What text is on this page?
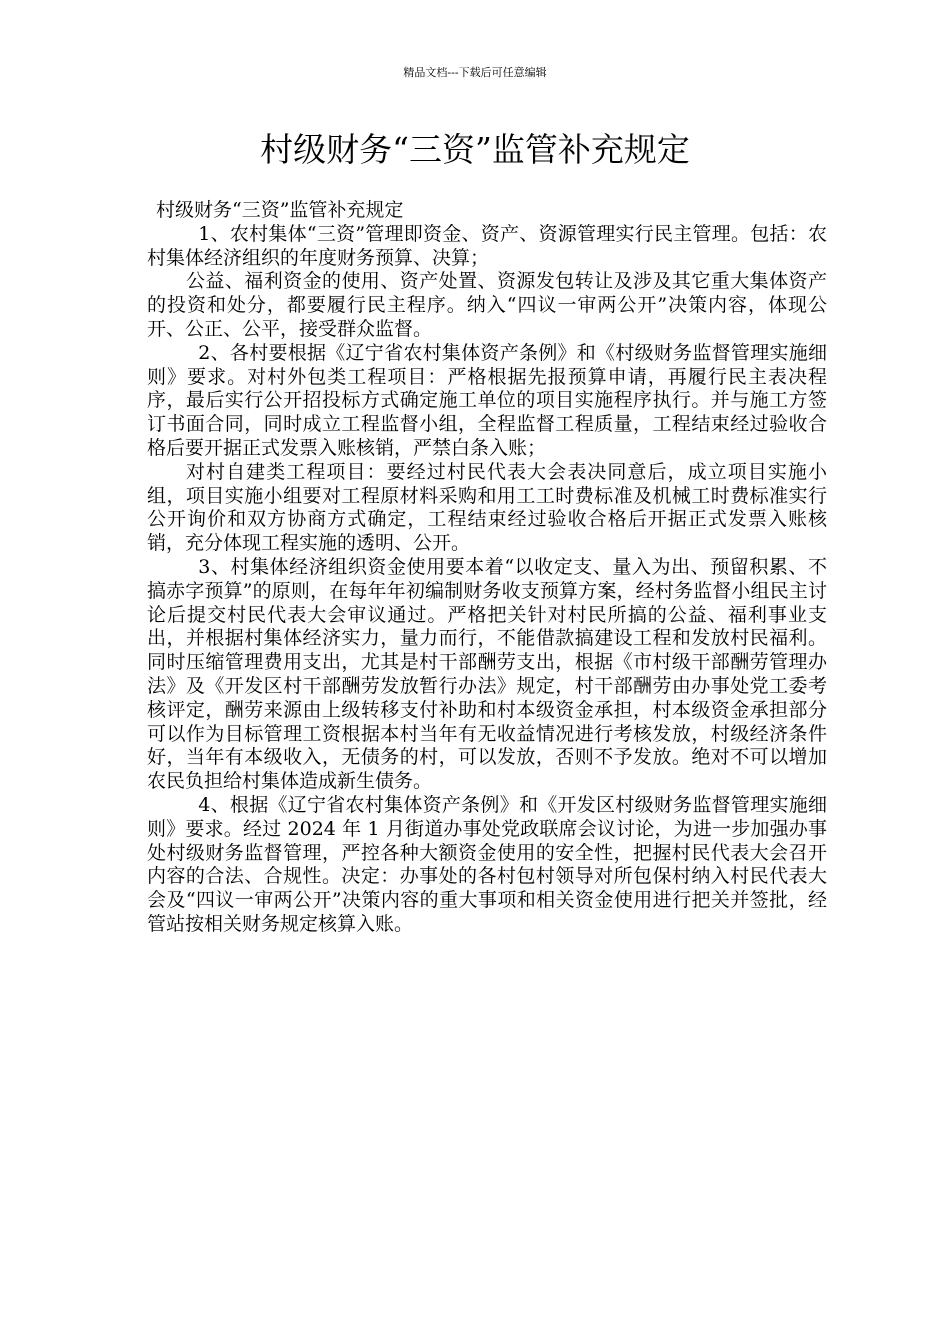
精品文档---下载后可任意编辑
村级财务“三资”监管补充规定

村级财务“三资”监管补充规定

1、农村集体“三资”管理即资金、资产、资源管理实行民主管理。包括：农村集体经济组织的年度财务预算、决算；

公益、福利资金的使用、资产处置、资源发包转让及涉及其它重大集体资产的投资和处分，都要履行民主程序。纳入“四议一审两公开”决策内容，体现公开、公正、公平，接受群众监督。

2、各村要根据《辽宁省农村集体资产条例》和《村级财务监督管理实施细则》要求。对村外包类工程项目：严格根据先报预算申请，再履行民主表决程序，最后实行公开招投标方式确定施工单位的项目实施程序执行。并与施工方签订书面合同，同时成立工程监督小组，全程监督工程质量，工程结束经过验收合格后要开据正式发票入账核销，严禁白条入账；

对村自建类工程项目：要经过村民代表大会表决同意后，成立项目实施小组，项目实施小组要对工程原材料采购和用工工时费标准及机械工时费标准实行公开询价和双方协商方式确定，工程结束经过验收合格后开据正式发票入账核销，充分体现工程实施的透明、公开。

3、村集体经济组织资金使用要本着“以收定支、量入为出、预留积累、不搞赤字预算”的原则，在每年年初编制财务收支预算方案，经村务监督小组民主讨论后提交村民代表大会审议通过。严格把关针对村民所搞的公益、福利事业支出，并根据村集体经济实力，量力而行，不能借款搞建设工程和发放村民福利。同时压缩管理费用支出，尤其是村干部酬劳支出，根据《市村级干部酬劳管理办法》及《开发区村干部酬劳发放暂行办法》规定，村干部酬劳由办事处党工委考核评定，酬劳来源由上级转移支付补助和村本级资金承担，村本级资金承担部分可以作为目标管理工资根据本村当年有无收益情况进行考核发放，村级经济条件好，当年有本级收入，无债务的村，可以发放，否则不予发放。绝对不可以增加农民负担给村集体造成新生债务。

4、根据《辽宁省农村集体资产条例》和《开发区村级财务监督管理实施细则》要求。经过 2024 年 1 月街道办事处党政联席会议讨论，为进一步加强办事处村级财务监督管理，严控各种大额资金使用的安全性，把握村民代表大会召开内容的合法、合规性。决定：办事处的各村包村领导对所包保村纳入村民代表大会及“四议一审两公开”决策内容的重大事项和相关资金使用进行把关并签批，经管站按相关财务规定核算入账。
